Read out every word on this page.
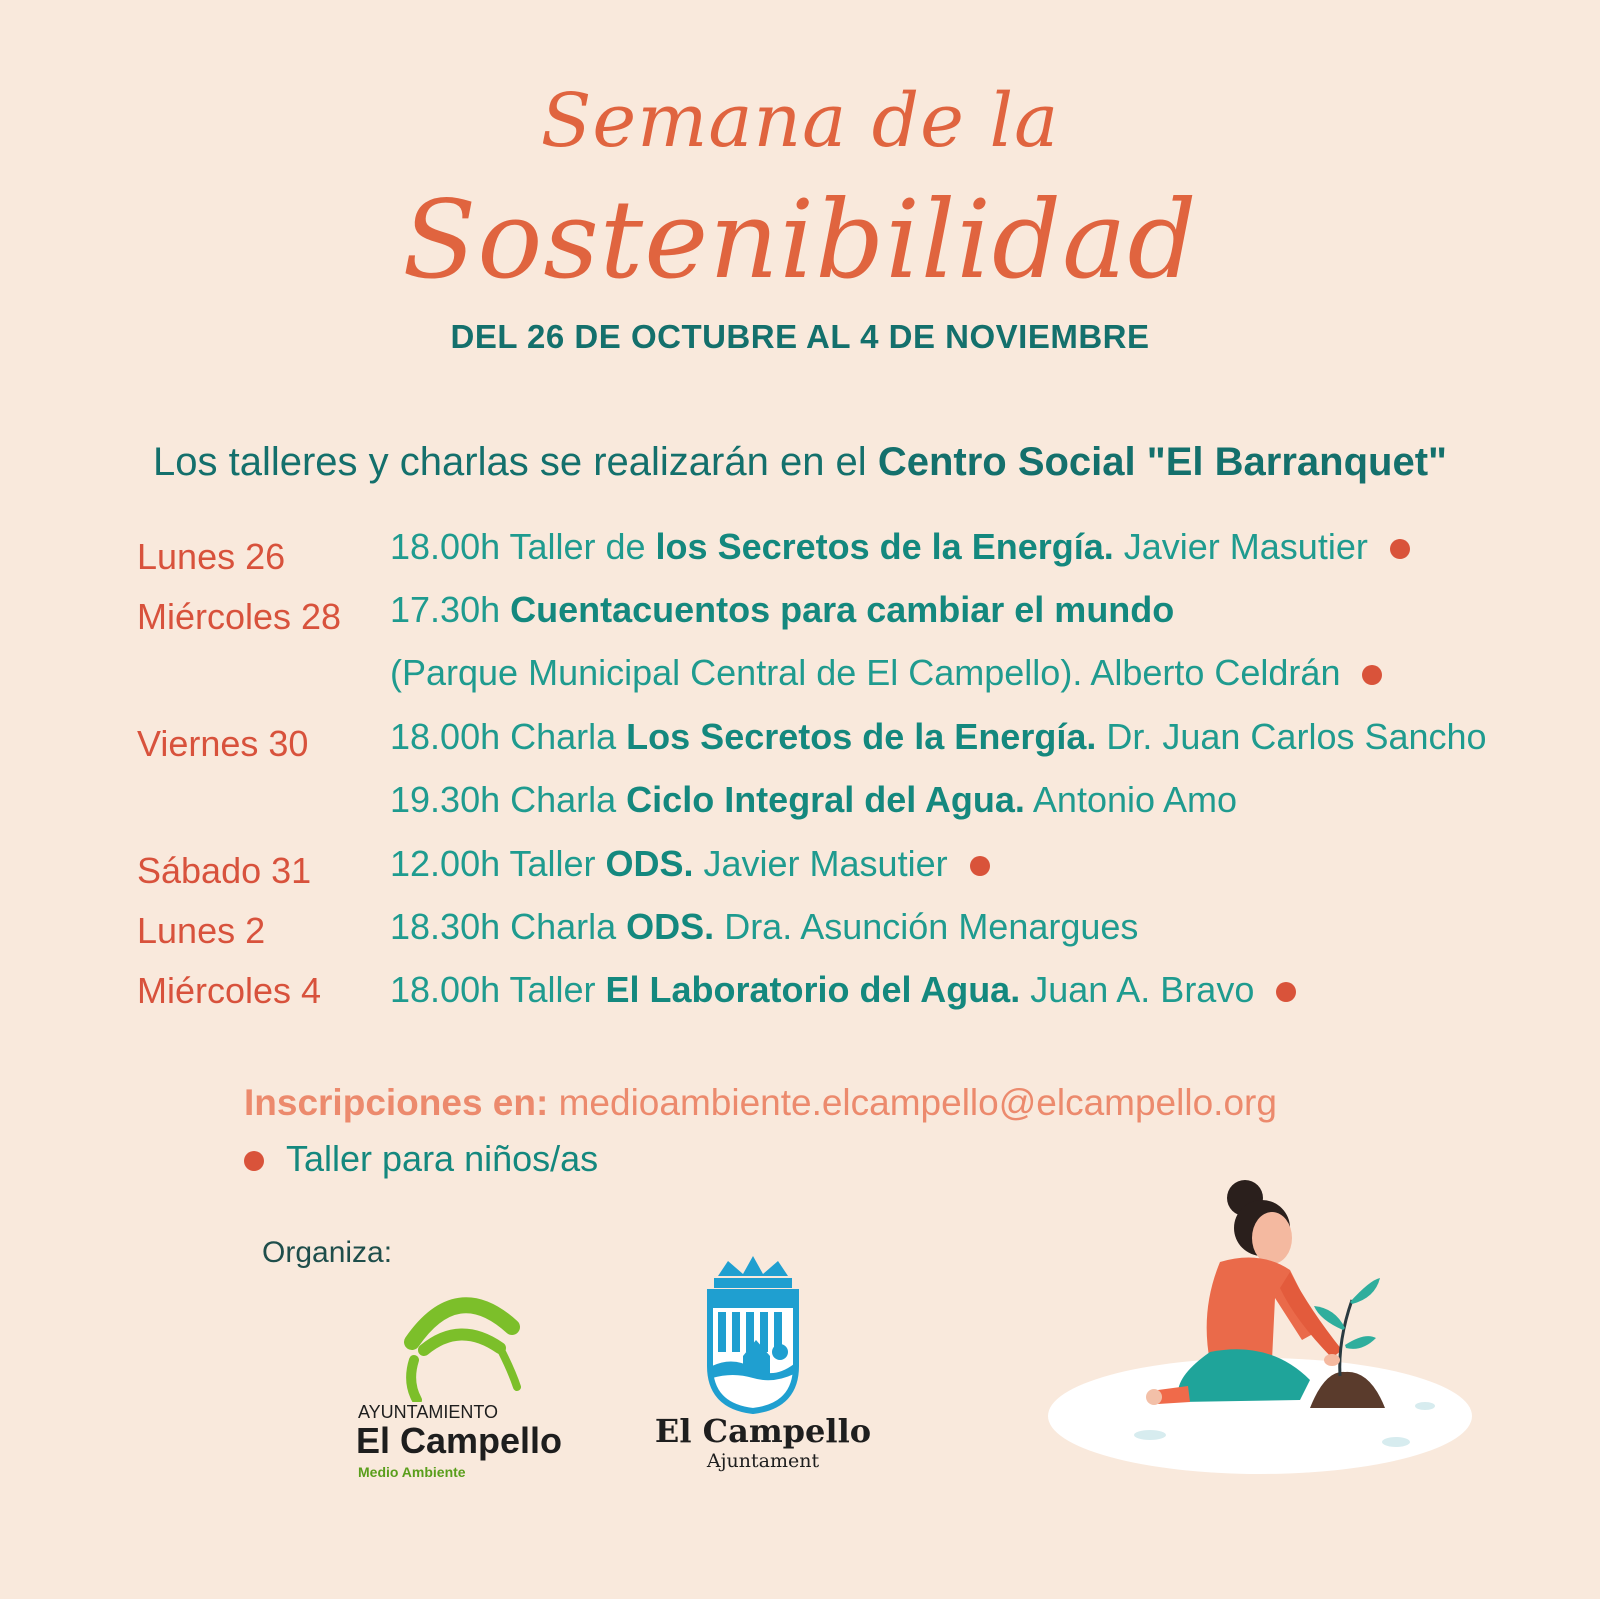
Semana de la
Sostenibilidad
DEL 26 DE OCTUBRE AL 4 DE NOVIEMBRE
Los talleres y charlas se realizarán en el Centro Social "El Barranquet"
Lunes 26
Miércoles 28
Viernes 30
Sábado 31
Lunes 2
Miércoles 4
18.00h Taller de los Secretos de la Energía. Javier Masutier
17.30h Cuentacuentos para cambiar el mundo
(Parque Municipal Central de El Campello). Alberto Celdrán
18.00h Charla Los Secretos de la Energía. Dr. Juan Carlos Sancho
19.30h Charla Ciclo Integral del Agua. Antonio Amo
12.00h Taller ODS. Javier Masutier
18.30h Charla ODS. Dra. Asunción Menargues
18.00h Taller El Laboratorio del Agua. Juan A. Bravo
Inscripciones en: medioambiente.elcampello@elcampello.org
Taller para niños/as
Organiza:
AYUNTAMIENTO
El Campello
Medio Ambiente
El Campello
Ajuntament
